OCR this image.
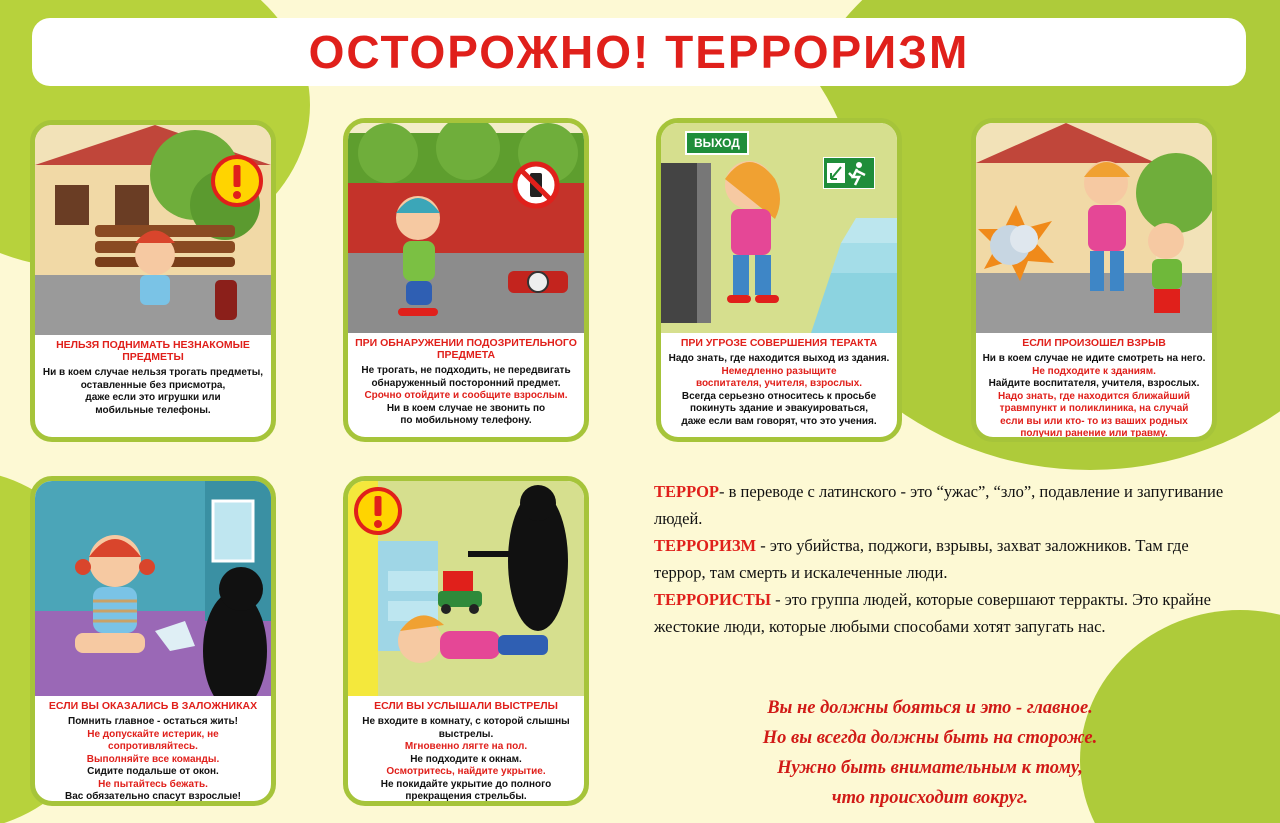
ОСТОРОЖНО! ТЕРРОРИЗМ
НЕЛЬЗЯ ПОДНИМАТЬ НЕЗНАКОМЫЕ ПРЕДМЕТЫ
Ни в коем случае нельзя трогать предметы,
оставленные без присмотра,
даже если это игрушки или
мобильные телефоны.
ПРИ ОБНАРУЖЕНИИ ПОДОЗРИТЕЛЬНОГО ПРЕДМЕТА
Не трогать, не подходить, не передвигать
обнаруженный посторонний предмет.
Срочно отойдите и сообщите взрослым.
Ни в коем случае не звонить по
по мобильному телефону.
ВЫХОД
ПРИ УГРОЗЕ СОВЕРШЕНИЯ ТЕРАКТА
Надо знать, где находится выход из здания.
Немедленно разыщите
воспитателя, учителя, взрослых.
Всегда серьезно относитесь к просьбе
покинуть здание и эвакуироваться,
даже если вам говорят, что это учения.
ЕСЛИ ПРОИЗОШЕЛ ВЗРЫВ
Ни в коем случае не идите смотреть на него.
Не подходите к зданиям.
Найдите воспитателя, учителя, взрослых.
Надо знать, где находится ближайший
травмпункт и поликлиника, на случай
если вы или кто- то из ваших родных
получил ранение или травму.
ЕСЛИ ВЫ ОКАЗАЛИСЬ В ЗАЛОЖНИКАХ
Помнить главное - остаться жить!
Не допускайте истерик, не сопротивляйтесь.
Выполняйте все команды.
Сидите подальше от окон.
Не пытайтесь бежать.
Вас обязательно спасут взрослые!
ЕСЛИ ВЫ УСЛЫШАЛИ ВЫСТРЕЛЫ
Не входите в комнату, с которой слышны
выстрелы.
Мгновенно лягте на пол.
Не подходите к окнам.
Осмотритесь, найдите укрытие.
Не покидайте укрытие до полного
прекращения стрельбы.

ТЕРРОР- в переводе с латинского - это “ужас”, “зло”, подавление и запугивание людей.

ТЕРРОРИЗМ - это убийства, поджоги, взрывы, захват заложников. Там где террор, там смерть и искалеченные люди.

ТЕРРОРИСТЫ - это группа людей, которые совершают терракты. Это крайне жестокие люди, которые любыми способами хотят запугать нас.

Вы не должны бояться и это - главное.

Но вы всегда должны быть на стороже.

Нужно быть внимательным к тому,

что происходит вокруг.
